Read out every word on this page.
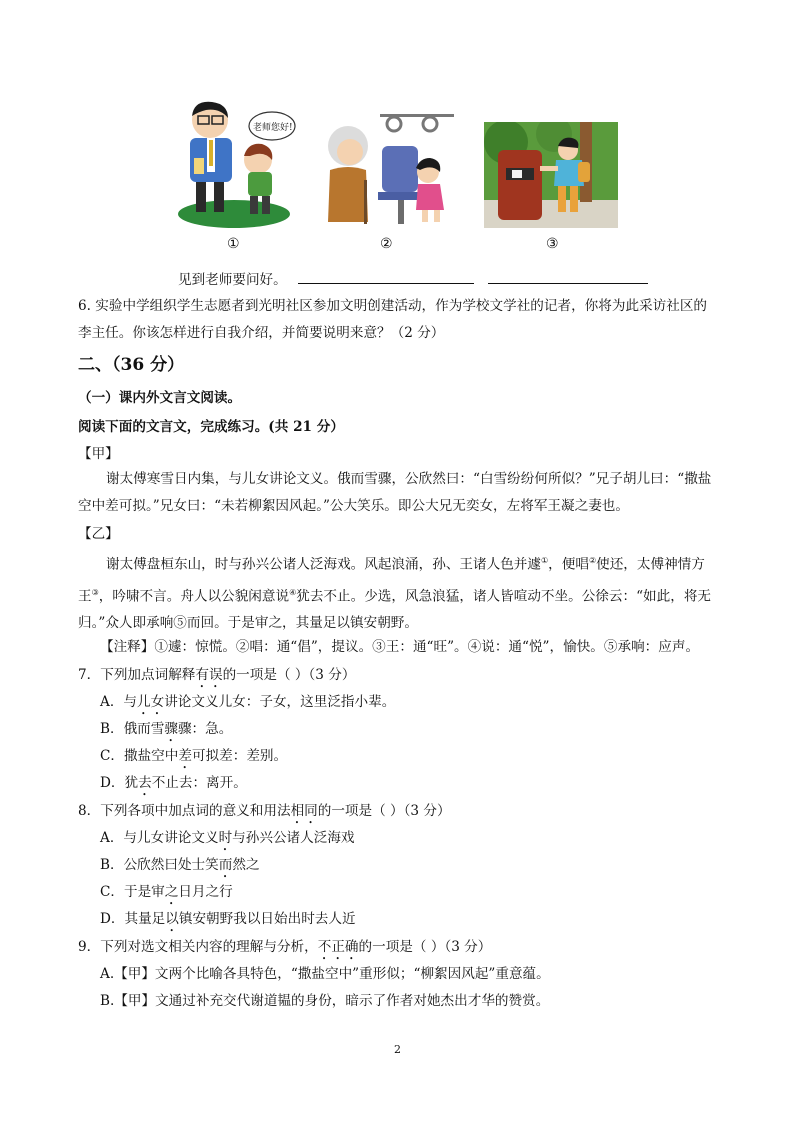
老师您好!
①	②	③
见到老师要问好。
6. 实验中学组织学生志愿者到光明社区参加文明创建活动，作为学校文学社的记者，你将为此采访社区的
李主任。你该怎样进行自我介绍，并简要说明来意？（2 分）
二、（36 分）
（一）课内外文言文阅读。
阅读下面的文言文，完成练习。(共 21 分）
【甲】
谢太傅寒雪日内集，与儿女讲论文义。俄而雪骤，公欣然曰：“白雪纷纷何所似？”兄子胡儿曰：“撒盐空中差可拟。”兄女曰：“未若柳絮因风起。”公大笑乐。即公大兄无奕女，左将军王凝之妻也。
【乙】
谢太傅盘桓东山，时与孙兴公诸人泛海戏。风起浪涌，孙、王诸人色并遽①，便唱②使还，太傅神情方王③，吟啸不言。舟人以公貌闲意说④犹去不止。少选，风急浪猛，诸人皆喧动不坐。公徐云：“如此，将无归。”众人即承响⑤而回。于是审之，其量足以镇安朝野。
【注释】①遽：惊慌。②唱：通“倡”，提议。③王：通“旺”。④说：通“悦”，愉快。⑤承响：应声。
7．下列加点词解释有误的一项是（ ）（3 分）
A．与儿女讲论文义儿女：子女，这里泛指小辈。
B．俄而雪骤骤：急。
C．撒盐空中差可拟差：差别。
D．犹去不止去：离开。
8．下列各项中加点词的意义和用法相同的一项是（ ）（3 分）
A．与儿女讲论文义时与孙兴公诸人泛海戏
B．公欣然曰处士笑而然之
C．于是审之日月之行
D．其量足以镇安朝野我以日始出时去人近
9．下列对选文相关内容的理解与分析，不正确的一项是（ ）（3 分）
A.【甲】文两个比喻各具特色，“撒盐空中”重形似；“柳絮因风起”重意蕴。
B.【甲】文通过补充交代谢道韫的身份，暗示了作者对她杰出才华的赞赏。
2
